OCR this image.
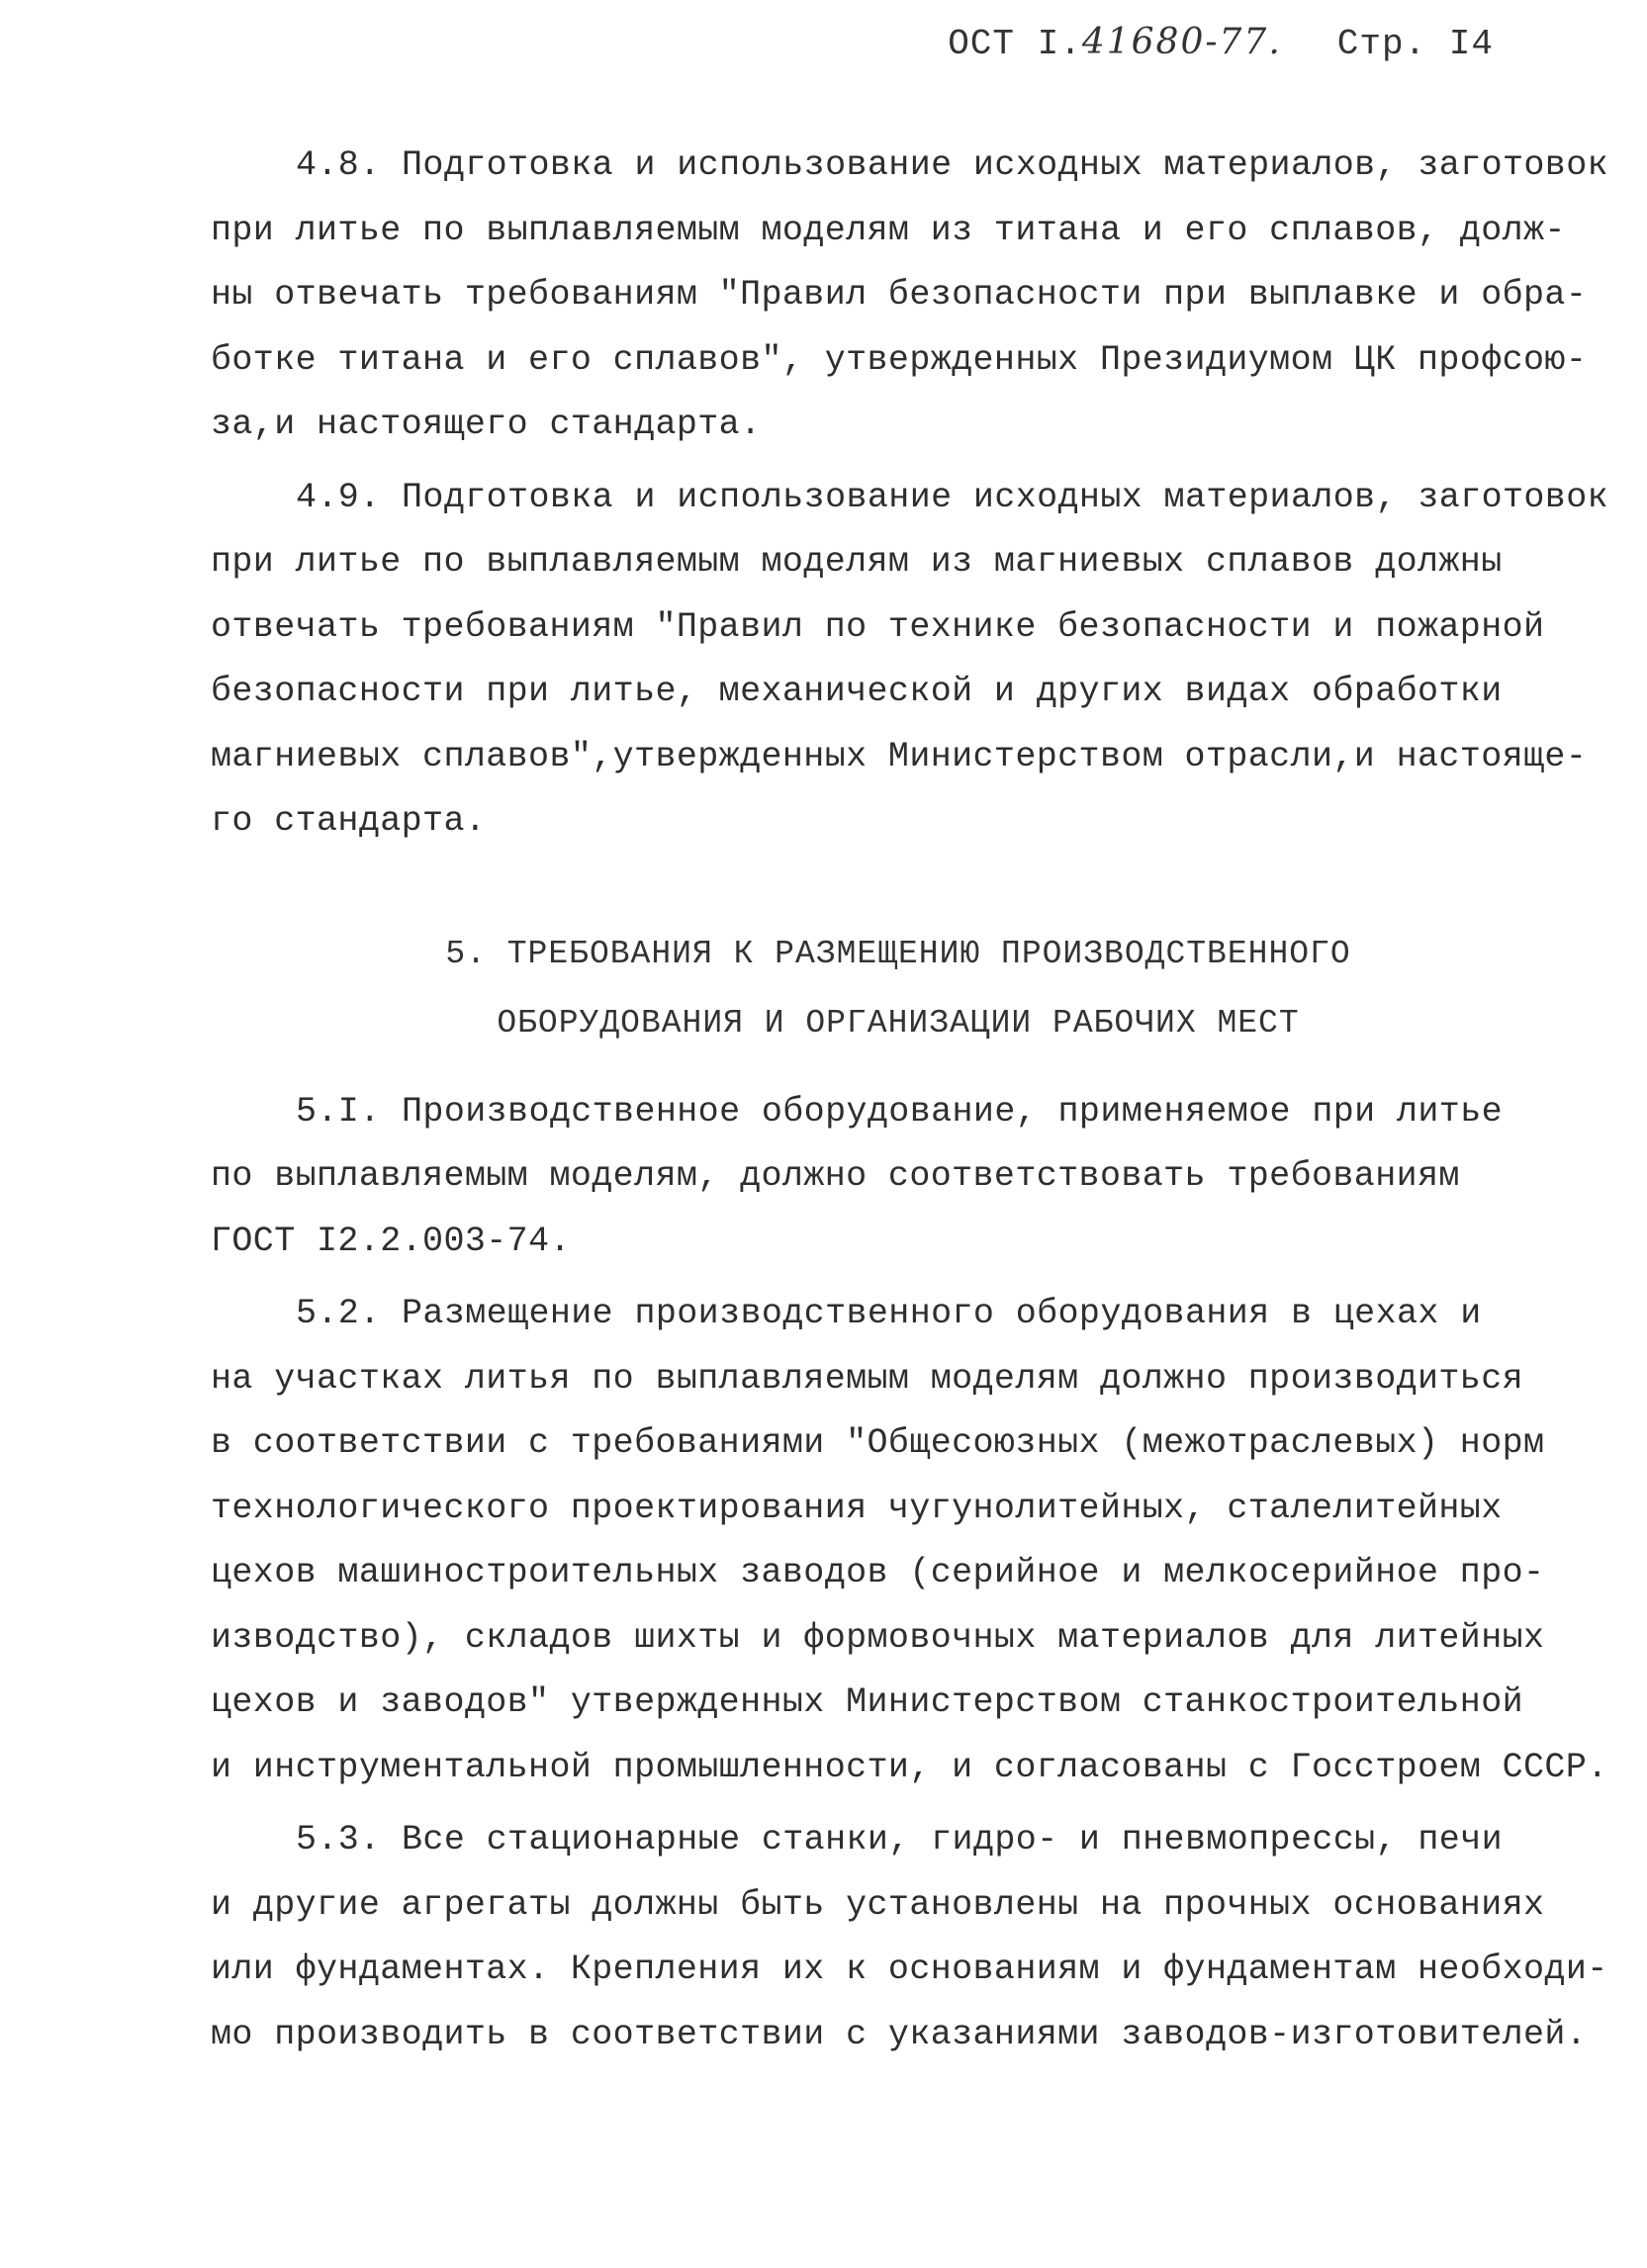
ОСТ I.41680-77. Стр. I4
4.8. Подготовка и использование исходных материалов, заготовок
при литье по выплавляемым моделям из титана и его сплавов, долж-
ны отвечать требованиям "Правил безопасности при выплавке и обра-
ботке титана и его сплавов", утвержденных Президиумом ЦК профсою-
за,и настоящего стандарта.
4.9. Подготовка и использование исходных материалов, заготовок
при литье по выплавляемым моделям из магниевых сплавов должны
отвечать требованиям "Правил по технике безопасности и пожарной
безопасности при литье, механической и других видах обработки
магниевых сплавов",утвержденных Министерством отрасли,и настояще-
го стандарта.
5. ТРЕБОВАНИЯ К РАЗМЕЩЕНИЮ ПРОИЗВОДСТВЕННОГО
ОБОРУДОВАНИЯ И ОРГАНИЗАЦИИ РАБОЧИХ МЕСТ
5.I. Производственное оборудование, применяемое при литье
по выплавляемым моделям, должно соответствовать требованиям
ГОСТ I2.2.003-74.
5.2. Размещение производственного оборудования в цехах и
на участках литья по выплавляемым моделям должно производиться
в соответствии с требованиями "Общесоюзных (межотраслевых) норм
технологического проектирования чугунолитейных, сталелитейных
цехов машиностроительных заводов (серийное и мелкосерийное про-
изводство), складов шихты и формовочных материалов для литейных
цехов и заводов" утвержденных Министерством станкостроительной
и инструментальной промышленности, и согласованы с Госстроем СССР.
5.3. Все стационарные станки, гидро- и пневмопрессы, печи
и другие агрегаты должны быть установлены на прочных основаниях
или фундаментах. Крепления их к основаниям и фундаментам необходи-
мо производить в соответствии с указаниями заводов-изготовителей.
